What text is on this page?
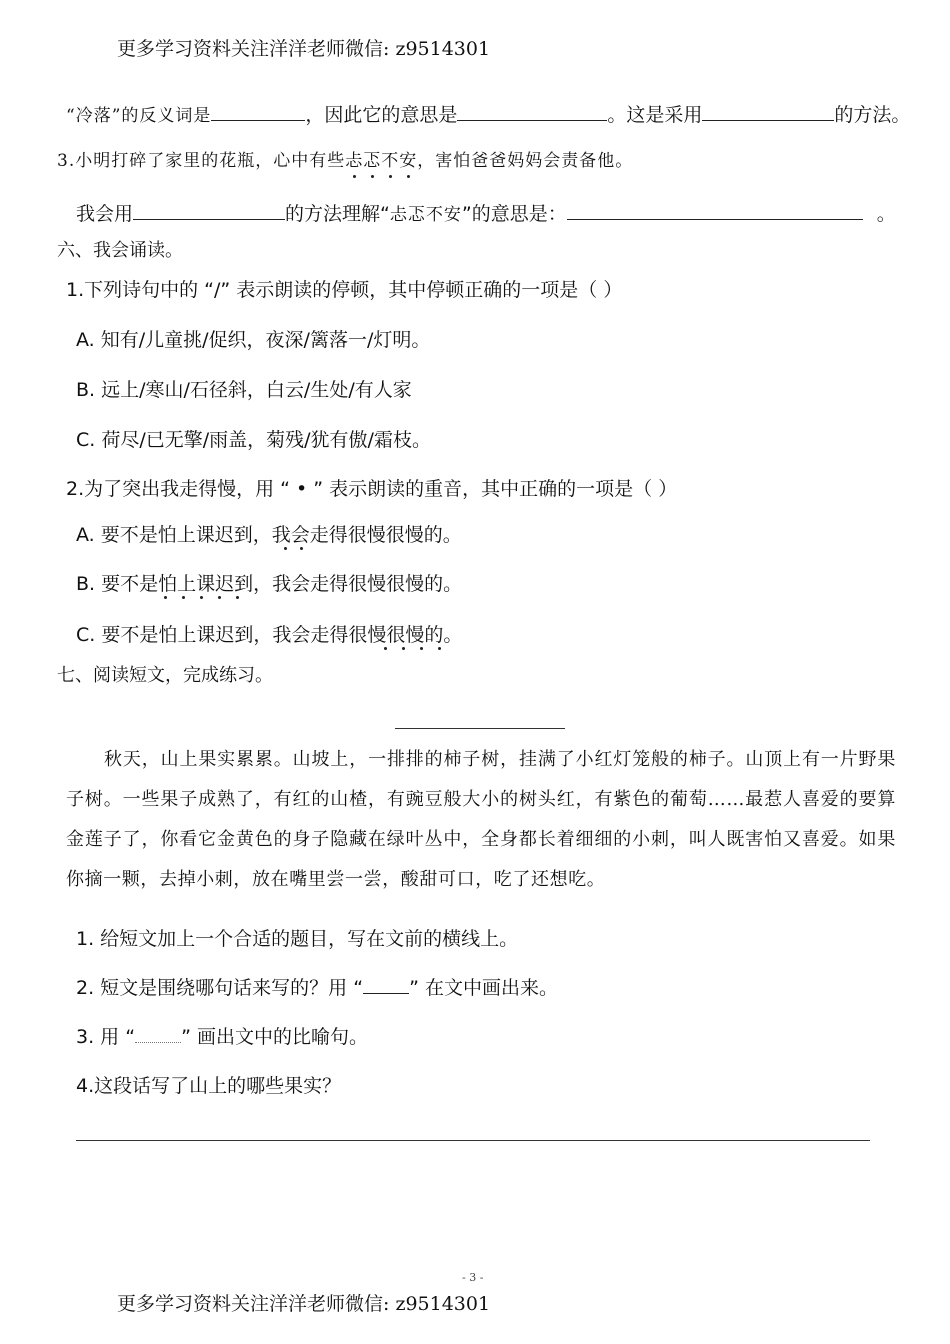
更多学习资料关注洋洋老师微信: z9514301
“冷落”的反义词是	，因此它的意思是	。这是采用	的方法。
3.小明打碎了家里的花瓶，心中有些忐忑不安，害怕爸爸妈妈会责备他。
我会用	的方法理解“忐忑不安”的意思是：	。
六、我会诵读。
1.下列诗句中的 “/” 表示朗读的停顿，其中停顿正确的一项是（ ）
A. 知有/儿童挑/促织，夜深/篱落一/灯明。
B. 远上/寒山/石径斜，白云/生处/有人家
C. 荷尽/已无擎/雨盖，菊残/犹有傲/霜枝。
2.为了突出我走得慢，用 “ • ” 表示朗读的重音，其中正确的一项是（ ）
A. 要不是怕上课迟到，我会走得很慢很慢的。
B. 要不是怕上课迟到，我会走得很慢很慢的。
C. 要不是怕上课迟到，我会走得很慢很慢的。
七、阅读短文，完成练习。
秋天，山上果实累累。山坡上，一排排的柿子树，挂满了小红灯笼般的柿子。山顶上有一片野果子树。一些果子成熟了，有红的山楂，有豌豆般大小的树头红，有紫色的葡萄……最惹人喜爱的要算金莲子了，你看它金黄色的身子隐藏在绿叶丛中，全身都长着细细的小刺，叫人既害怕又喜爱。如果你摘一颗，去掉小刺，放在嘴里尝一尝，酸甜可口，吃了还想吃。
1. 给短文加上一个合适的题目，写在文前的横线上。
2. 短文是围绕哪句话来写的？用 “ ” 在文中画出来。
3. 用 “ ” 画出文中的比喻句。
4.这段话写了山上的哪些果实？
- 3 -
更多学习资料关注洋洋老师微信: z9514301
